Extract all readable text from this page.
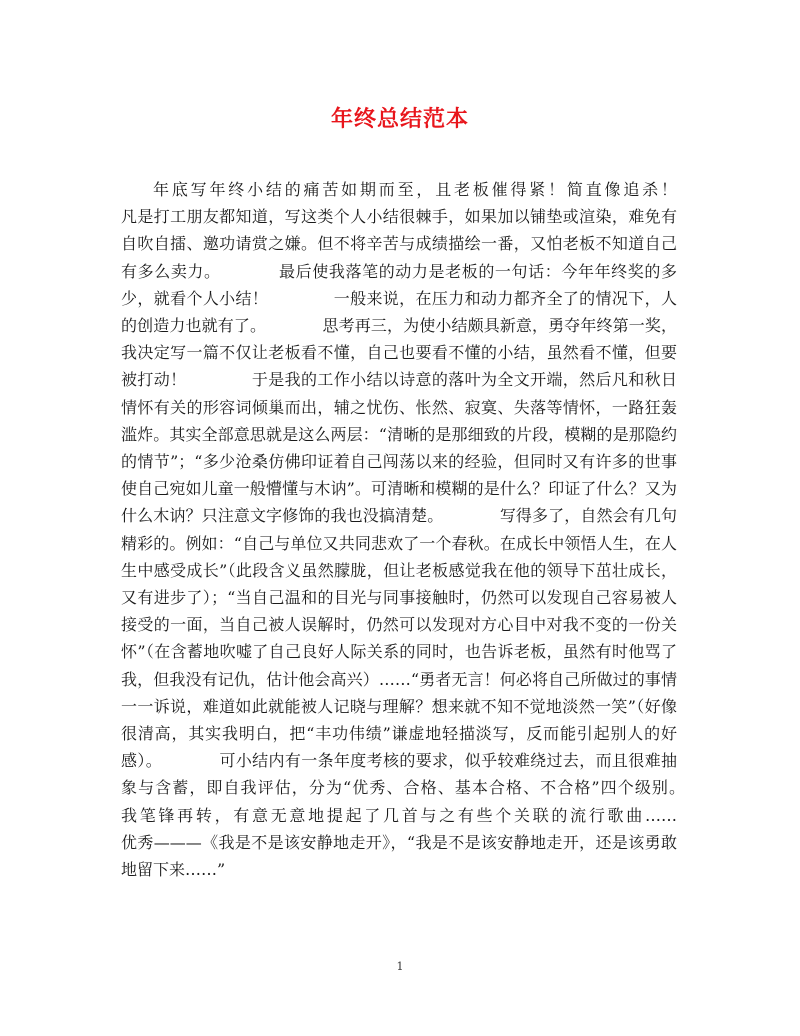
年终总结范本

年底写年终小结的痛苦如期而至，且老板催得紧！简直像追杀！　　　　凡是打工朋友都知道，写这类个人小结很棘手，如果加以铺垫或渲染，难免有自吹自擂、邀功请赏之嫌。但不将辛苦与成绩描绘一番，又怕老板不知道自己有多么卖力。　　　　最后使我落笔的动力是老板的一句话：今年年终奖的多少，就看个人小结！　　　　一般来说，在压力和动力都齐全了的情况下，人的创造力也就有了。　　　　思考再三，为使小结颇具新意，勇夺年终第一奖，我决定写一篇不仅让老板看不懂，自己也要看不懂的小结，虽然看不懂，但要被打动！　　　　于是我的工作小结以诗意的落叶为全文开端，然后凡和秋日情怀有关的形容词倾巢而出，辅之忧伤、怅然、寂寞、失落等情怀，一路狂轰滥炸。其实全部意思就是这么两层：“清晰的是那细致的片段，模糊的是那隐约的情节”；“多少沧桑仿佛印证着自己闯荡以来的经验，但同时又有许多的世事使自己宛如儿童一般懵懂与木讷”。可清晰和模糊的是什么？印证了什么？又为什么木讷？只注意文字修饰的我也没搞清楚。　　　　写得多了，自然会有几句精彩的。例如：“自己与单位又共同悲欢了一个春秋。在成长中领悟人生，在人生中感受成长”（此段含义虽然朦胧，但让老板感觉我在他的领导下茁壮成长，又有进步了）；“当自己温和的目光与同事接触时，仍然可以发现自己容易被人接受的一面，当自己被人误解时，仍然可以发现对方心目中对我不变的一份关怀”（在含蓄地吹嘘了自己良好人际关系的同时，也告诉老板，虽然有时他骂了我，但我没有记仇，估计他会高兴）……“勇者无言！何必将自己所做过的事情一一诉说，难道如此就能被人记晓与理解？想来就不知不觉地淡然一笑”（好像很清高，其实我明白，把“丰功伟绩”谦虚地轻描淡写，反而能引起别人的好感）。　　　　可小结内有一条年度考核的要求，似乎较难绕过去，而且很难抽象与含蓄，即自我评估，分为“优秀、合格、基本合格、不合格”四个级别。　　　　我笔锋再转，有意无意地提起了几首与之有些个关联的流行歌曲……　　　　优秀———《我是不是该安静地走开》，“我是不是该安静地走开，还是该勇敢地留下来……”

1
